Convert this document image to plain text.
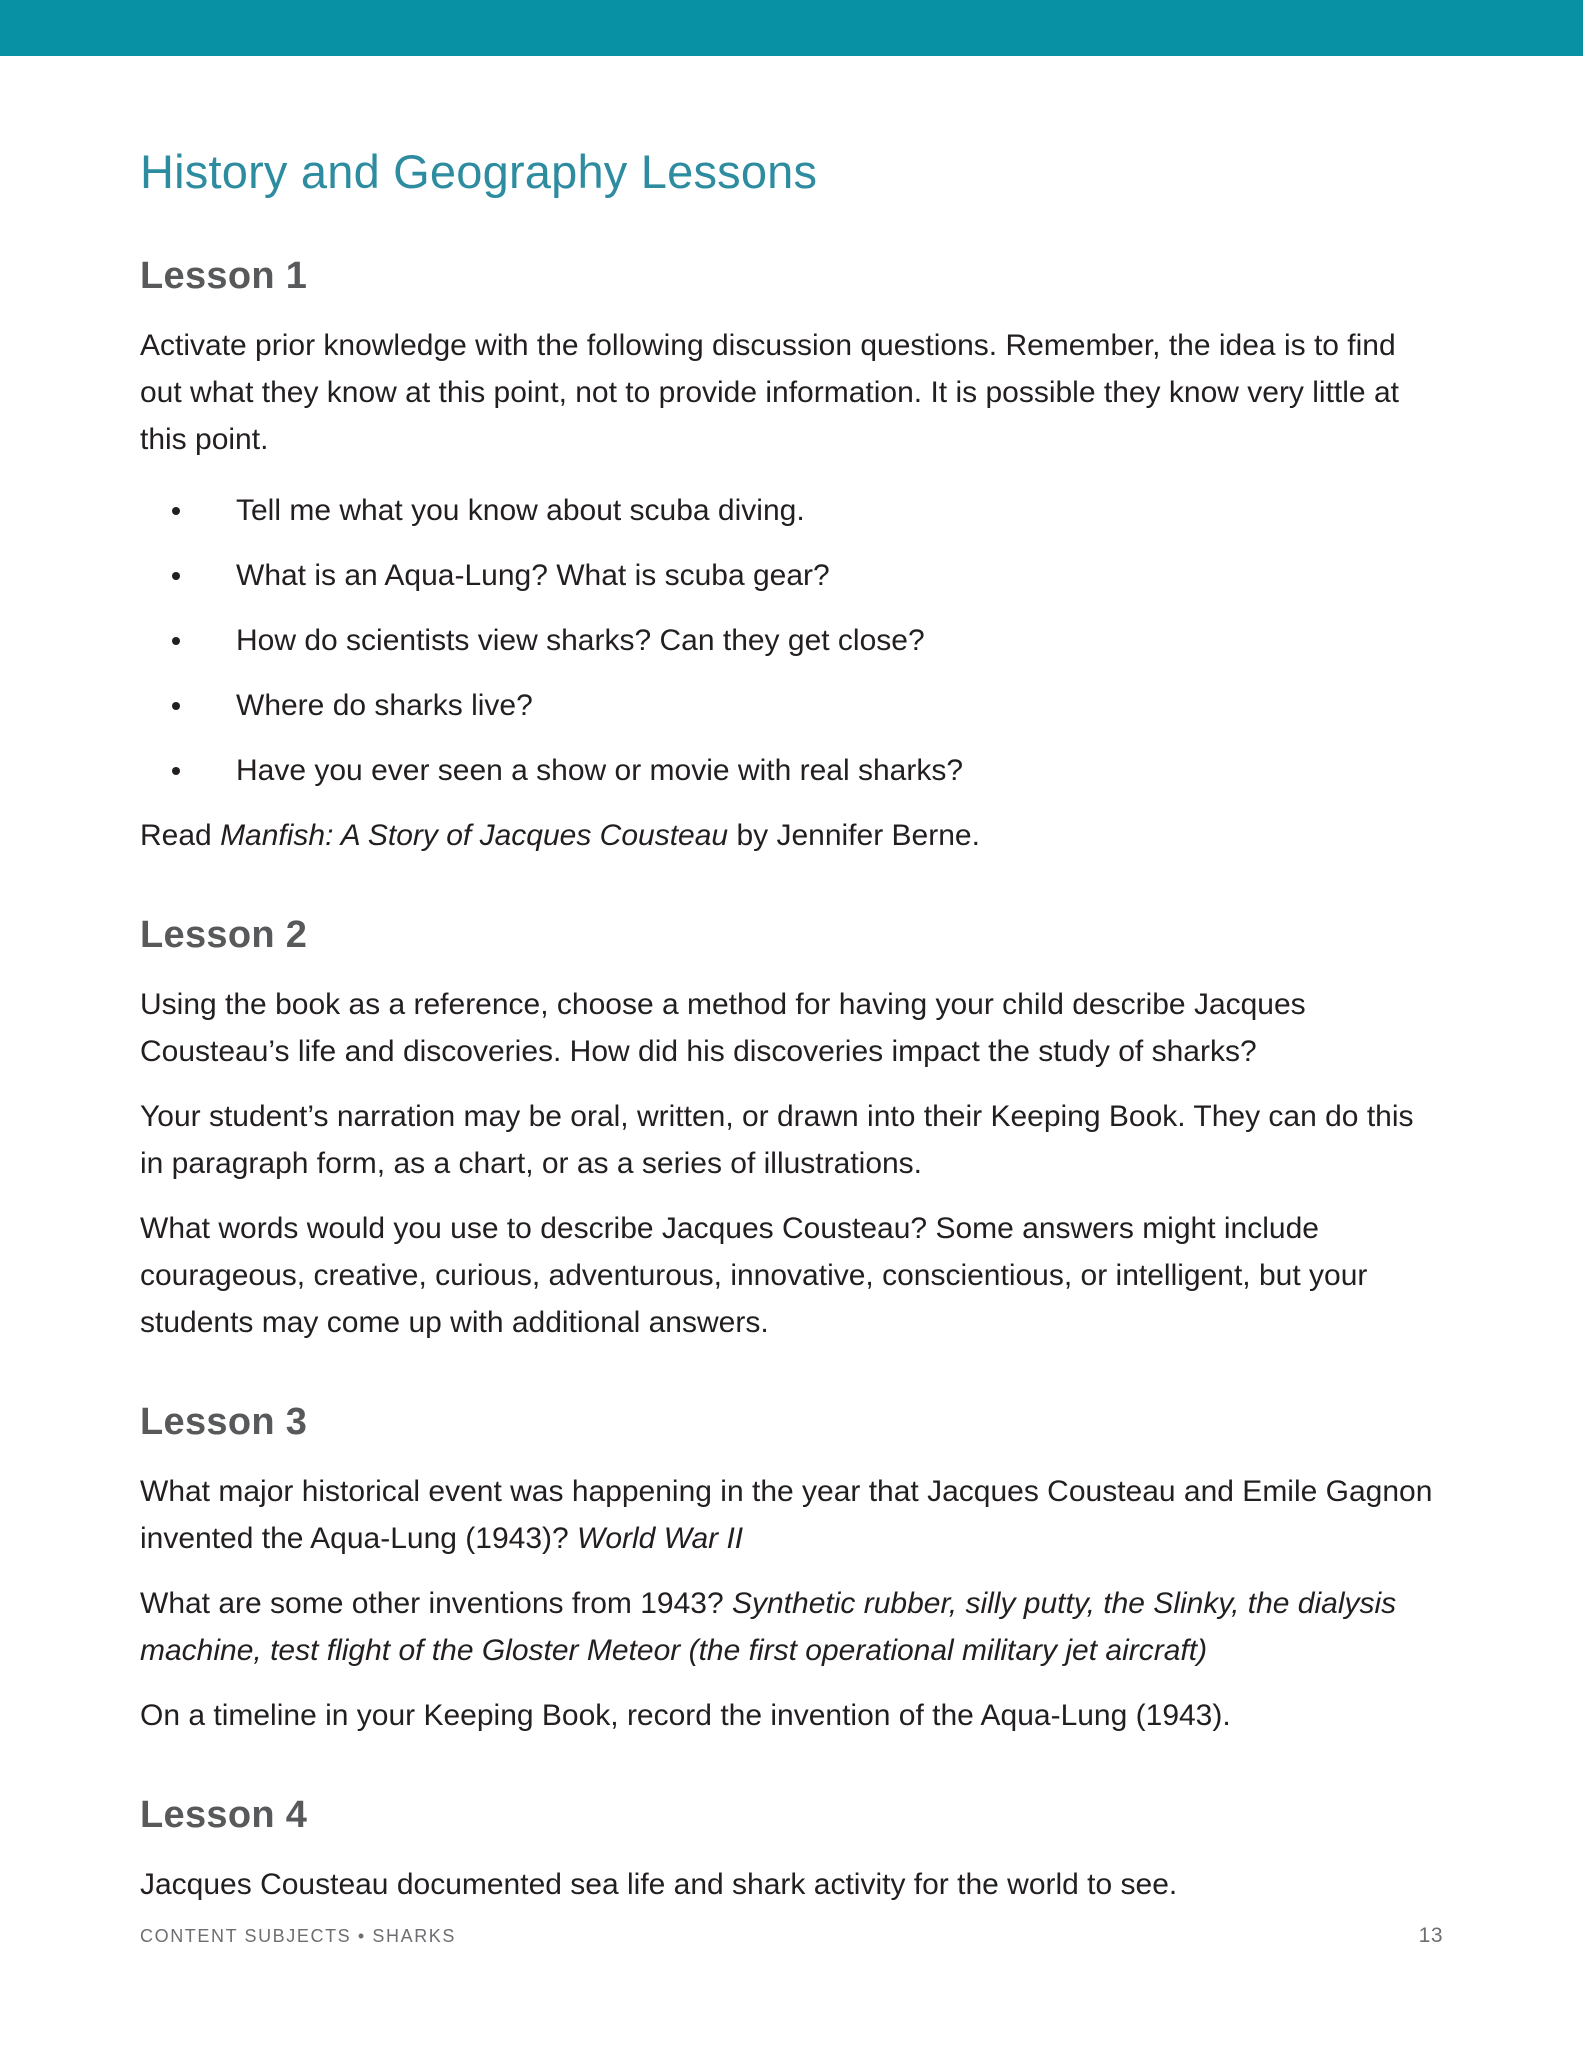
History and Geography Lessons
Lesson 1

Activate prior knowledge with the following discussion questions. Remember, the idea is to find out what they know at this point, not to provide information. It is possible they know very little at this point.

Tell me what you know about scuba diving.
What is an Aqua-Lung? What is scuba gear?
How do scientists view sharks? Can they get close?
Where do sharks live?
Have you ever seen a show or movie with real sharks?

Read Manfish: A Story of Jacques Cousteau by Jennifer Berne.

Lesson 2

Using the book as a reference, choose a method for having your child describe Jacques Cousteau’s life and discoveries. How did his discoveries impact the study of sharks?

Your student’s narration may be oral, written, or drawn into their Keeping Book. They can do this in paragraph form, as a chart, or as a series of illustrations.

What words would you use to describe Jacques Cousteau? Some answers might include courageous, creative, curious, adventurous, innovative, conscientious, or intelligent, but your students may come up with additional answers.

Lesson 3

What major historical event was happening in the year that Jacques Cousteau and Emile Gagnon invented the Aqua-Lung (1943)? World War II

What are some other inventions from 1943? Synthetic rubber, silly putty, the Slinky, the dialysis machine, test flight of the Gloster Meteor (the first operational military jet aircraft)

On a timeline in your Keeping Book, record the invention of the Aqua-Lung (1943).

Lesson 4

Jacques Cousteau documented sea life and shark activity for the world to see.

CONTENT SUBJECTS • SHARKS	13
